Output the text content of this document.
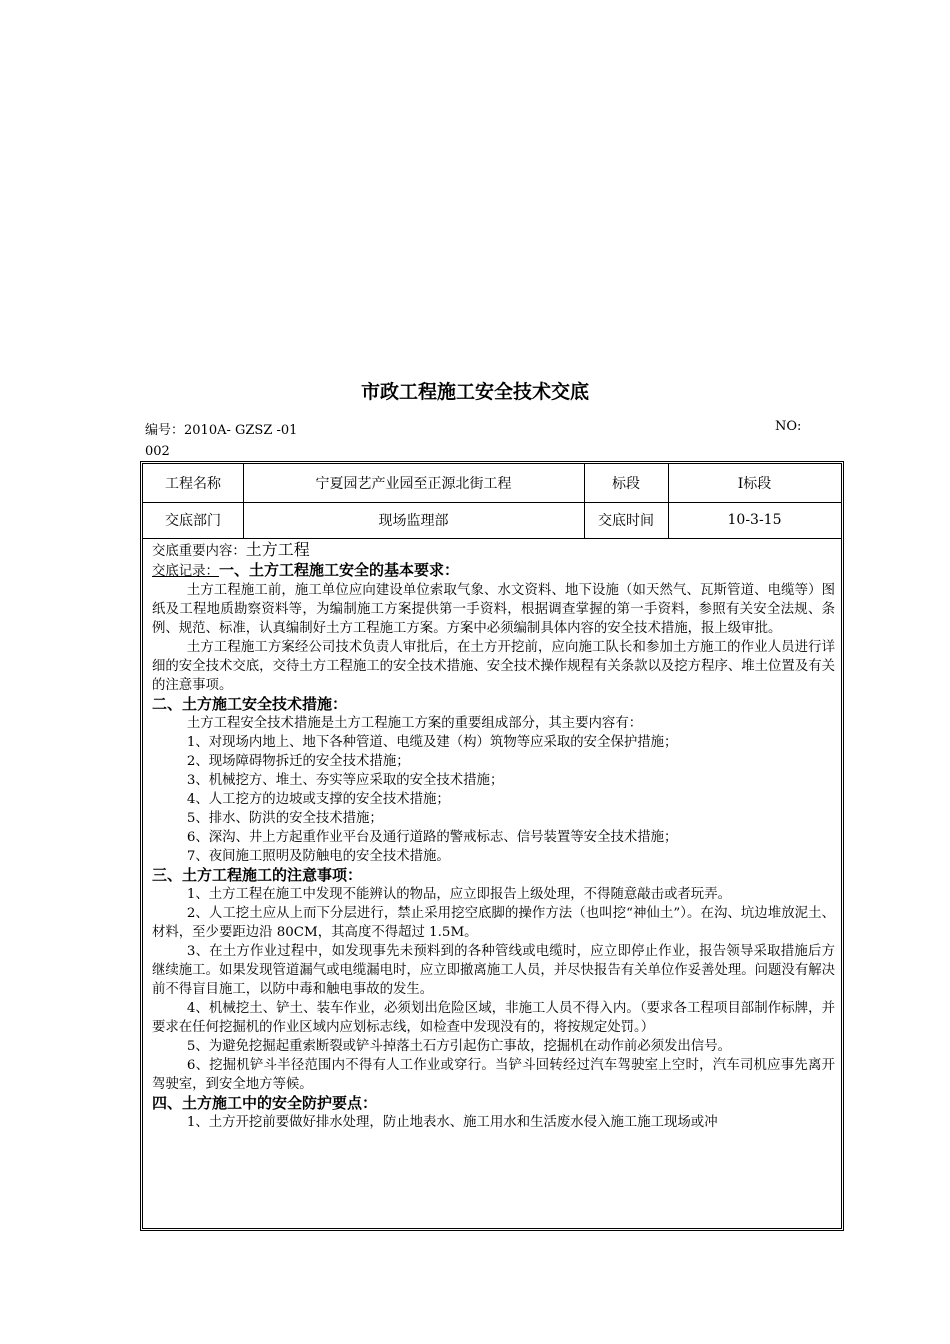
市政工程施工安全技术交底
编号：2010A- GZSZ -01	NO:
002
工程名称	宁夏园艺产业园至正源北街工程	标段	Ⅰ标段
交底部门	现场监理部	交底时间	10-3-15

交底重要内容：土方工程

交底记录：一、土方工程施工安全的基本要求：

土方工程施工前，施工单位应向建设单位索取气象、水文资料、地下设施（如天然气、瓦斯管道、电缆等）图纸及工程地质勘察资料等，为编制施工方案提供第一手资料，根据调查掌握的第一手资料，参照有关安全法规、条例、规范、标准，认真编制好土方工程施工方案。方案中必须编制具体内容的安全技术措施，报上级审批。

土方工程施工方案经公司技术负责人审批后，在土方开挖前，应向施工队长和参加土方施工的作业人员进行详细的安全技术交底，交待土方工程施工的安全技术措施、安全技术操作规程有关条款以及挖方程序、堆土位置及有关的注意事项。

二、土方施工安全技术措施：

土方工程安全技术措施是土方工程施工方案的重要组成部分，其主要内容有：

1、对现场内地上、地下各种管道、电缆及建（构）筑物等应采取的安全保护措施；

2、现场障碍物拆迁的安全技术措施；

3、机械挖方、堆土、夯实等应采取的安全技术措施；

4、人工挖方的边坡或支撑的安全技术措施；

5、排水、防洪的安全技术措施；

6、深沟、井上方起重作业平台及通行道路的警戒标志、信号装置等安全技术措施；

7、夜间施工照明及防触电的安全技术措施。

三、土方工程施工的注意事项：

1、土方工程在施工中发现不能辨认的物品，应立即报告上级处理，不得随意敲击或者玩弄。

2、人工挖土应从上而下分层进行，禁止采用挖空底脚的操作方法（也叫挖“神仙土”）。在沟、坑边堆放泥土、材料，至少要距边沿 80CM，其高度不得超过 1.5M。

3、在土方作业过程中，如发现事先未预料到的各种管线或电缆时，应立即停止作业，报告领导采取措施后方继续施工。如果发现管道漏气或电缆漏电时，应立即撤离施工人员，并尽快报告有关单位作妥善处理。问题没有解决前不得盲目施工，以防中毒和触电事故的发生。

4、机械挖土、铲土、装车作业，必须划出危险区域，非施工人员不得入内。（要求各工程项目部制作标牌，并要求在任何挖掘机的作业区域内应划标志线，如检查中发现没有的，将按规定处罚。）

5、为避免挖掘起重索断裂或铲斗掉落土石方引起伤亡事故，挖掘机在动作前必须发出信号。

6、挖掘机铲斗半径范围内不得有人工作业或穿行。当铲斗回转经过汽车驾驶室上空时，汽车司机应事先离开驾驶室，到安全地方等候。

四、土方施工中的安全防护要点：

1、土方开挖前要做好排水处理，防止地表水、施工用水和生活废水侵入施工施工现场或冲
